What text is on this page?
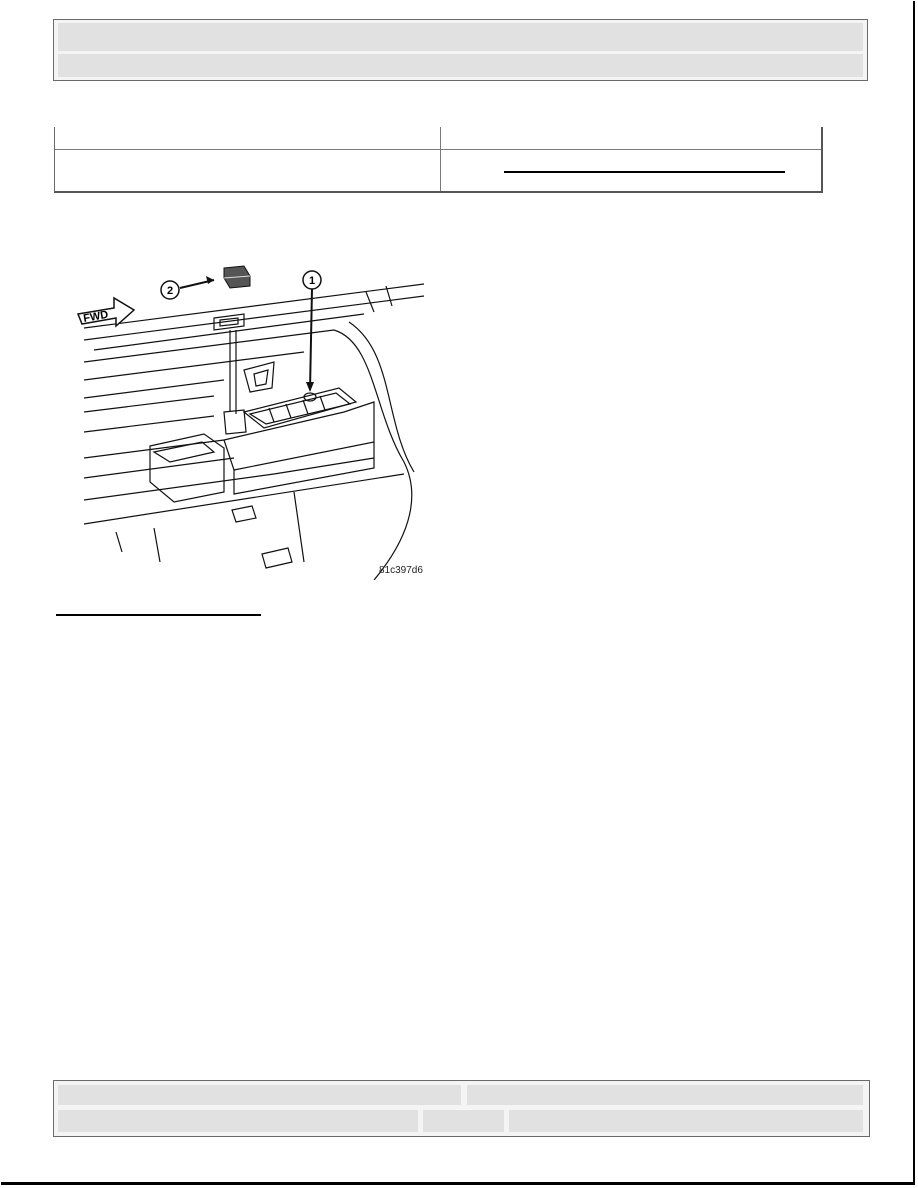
FWD
2
1
81c397d6
